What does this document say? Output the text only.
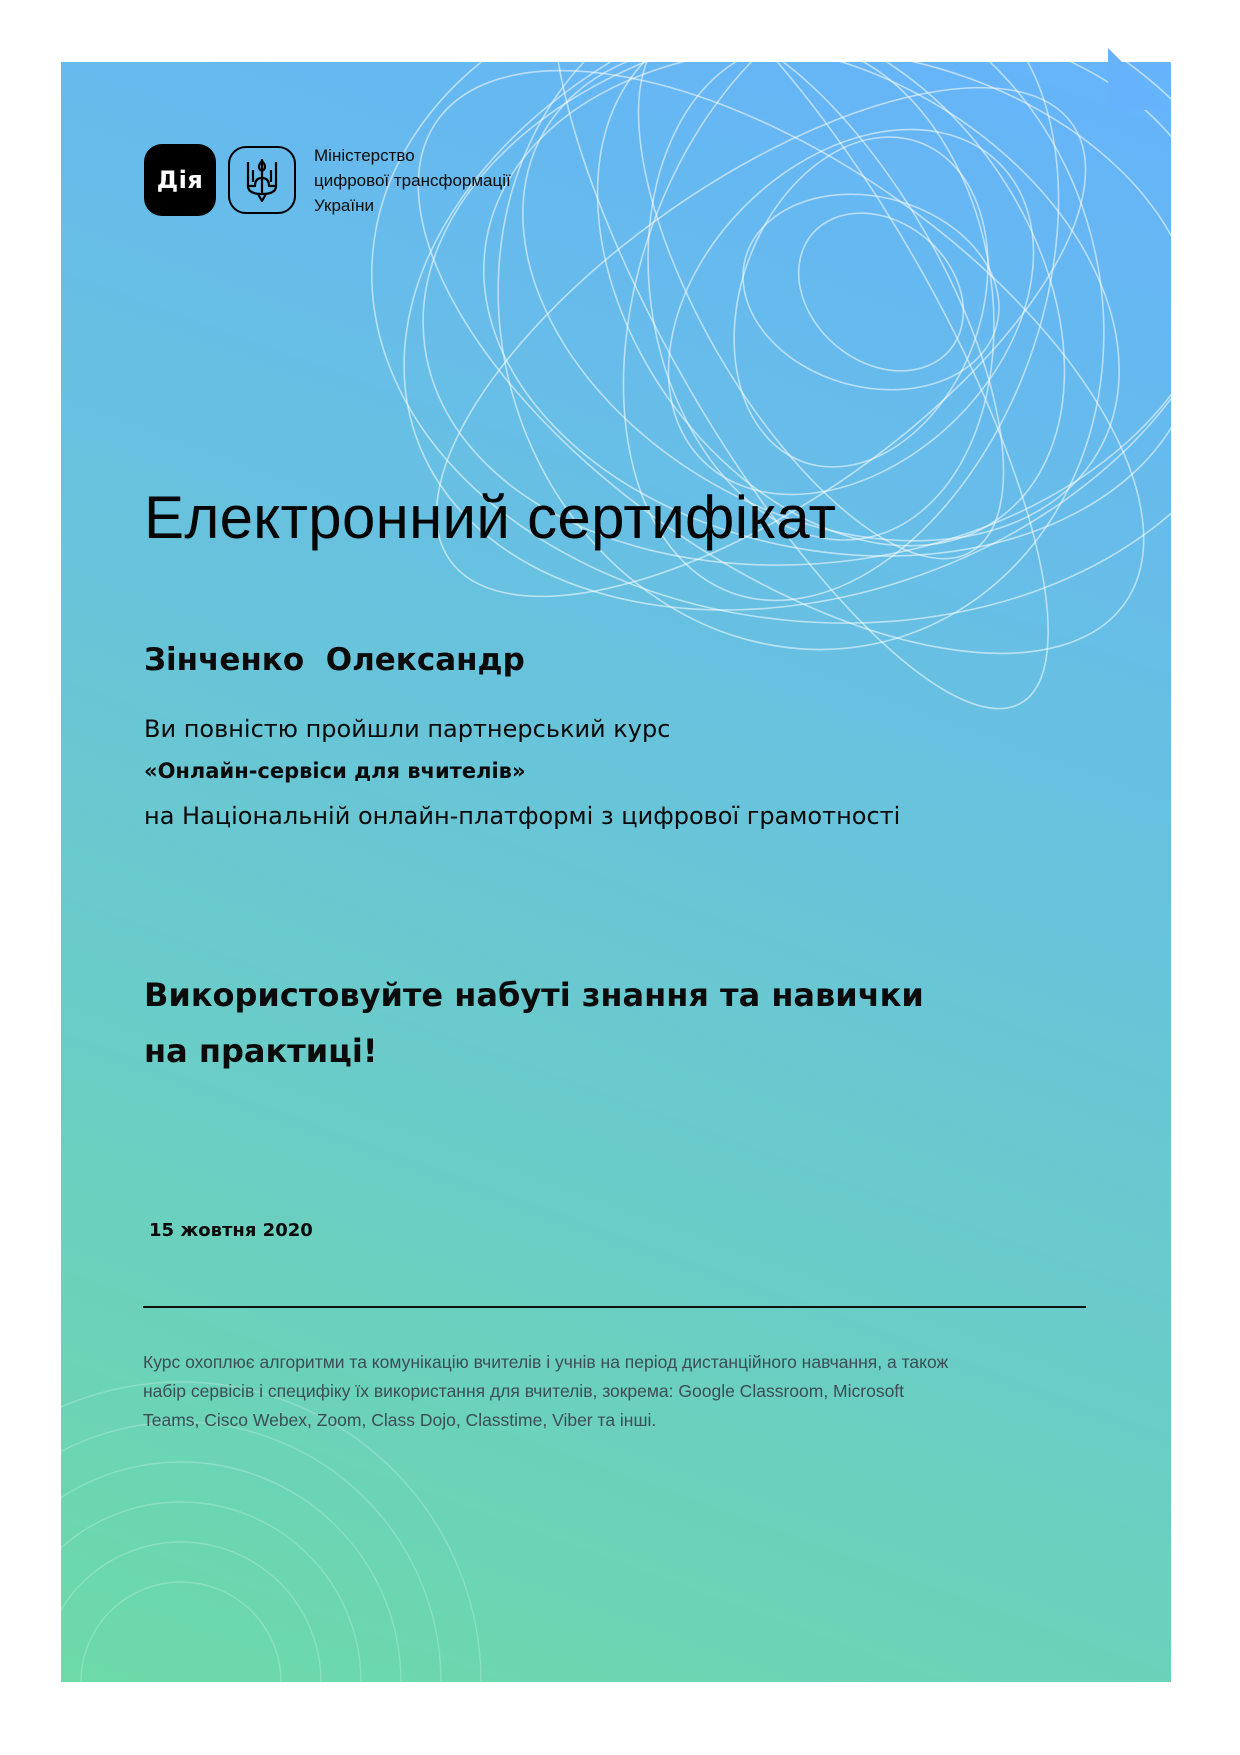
Дія
Міністерство
цифрової трансформації
України
Електронний сертифікат
Зінченко  Олександр
Ви повністю пройшли партнерський курс
«Онлайн-сервіси для вчителів»
на Національній онлайн-платформі з цифрової грамотності
Використовуйте набуті знання та навички
на практиці!
15 жовтня 2020
Курс охоплює алгоритми та комунікацію вчителів і учнів на період дистанційного навчання, а також
набір сервісів і специфіку їх використання для вчителів, зокрема: Google Classroom, Microsoft
Teams, Cisco Webex, Zoom, Class Dojo, Classtime, Viber та інші.
